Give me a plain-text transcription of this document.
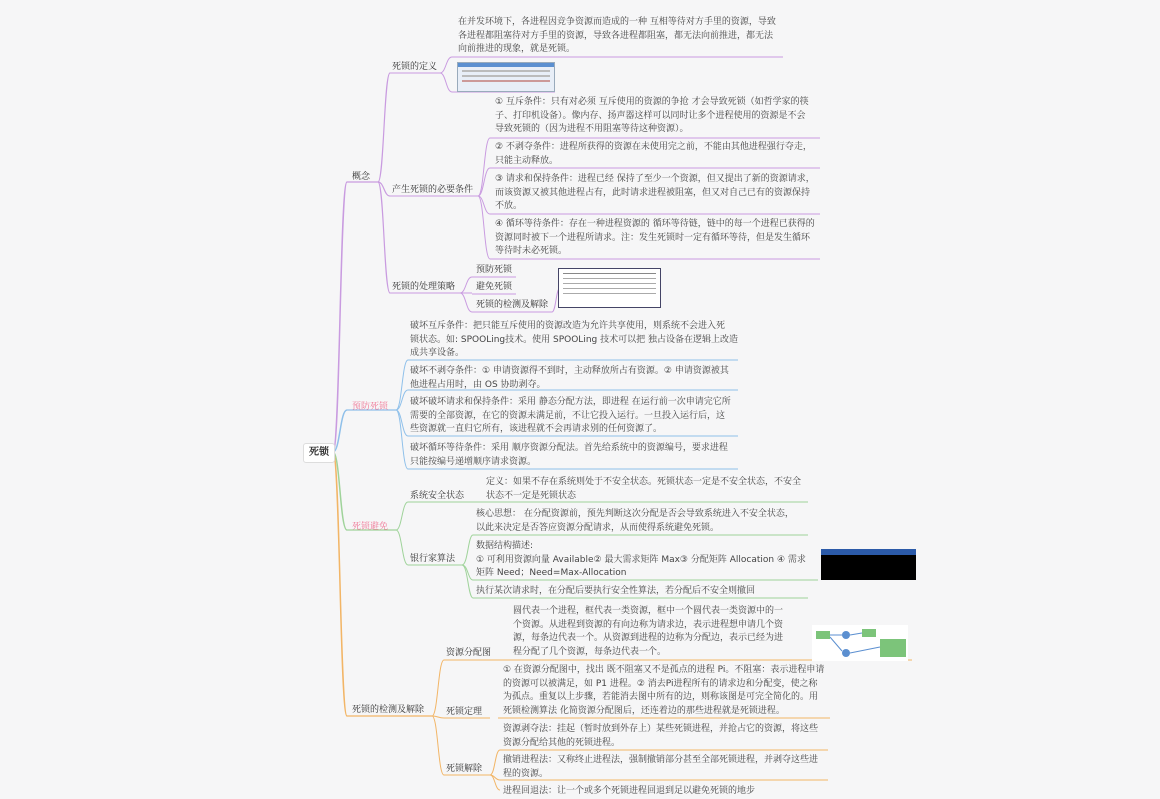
死锁
概念
预防死锁
死锁避免
死锁的检测及解除
死锁的定义
在并发环境下，各进程因竞争资源而造成的一种 互相等待对方手里的资源，导致
各进程都阻塞待对方手里的资源，导致各进程都阻塞，都无法向前推进，都无法
向前推进的现象，就是死锁。
产生死锁的必要条件
① 互斥条件：只有对必须 互斥使用的资源的争抢 才会导致死锁（如哲学家的筷
子、打印机设备）。像内存、扬声器这样可以同时让多个进程使用的资源是不会
导致死锁的（因为进程不用阻塞等待这种资源）。
② 不剥夺条件：进程所获得的资源在未使用完之前，不能由其他进程强行夺走，
只能主动释放。
③ 请求和保持条件：进程已经 保持了至少一个资源，但又提出了新的资源请求，
而该资源又被其他进程占有，此时请求进程被阻塞，但又对自己已有的资源保持
不放。
④ 循环等待条件：存在一种进程资源的 循环等待链，链中的每一个进程已获得的
资源同时被下一个进程所请求。注：发生死锁时一定有循环等待，但是发生循环
等待时未必死锁。
死锁的处理策略
预防死锁
避免死锁
死锁的检测及解除
破坏互斥条件：把只能互斥使用的资源改造为允许共享使用，则系统不会进入死
锁状态。如: SPOOLing技术。使用 SPOOLing 技术可以把 独占设备在逻辑上改造
成共享设备。
破坏不剥夺条件：① 申请资源得不到时，主动释放所占有资源。② 申请资源被其
他进程占用时，由 OS 协助剥夺。
破坏破坏请求和保持条件：采用 静态分配方法，即进程 在运行前一次申请完它所
需要的全部资源，在它的资源未满足前，不让它投入运行。一旦投入运行后，这
些资源就一直归它所有，该进程就不会再请求别的任何资源了。
破坏循环等待条件：采用 顺序资源分配法。首先给系统中的资源编号，要求进程
只能按编号递增顺序请求资源。
系统安全状态
定义：如果不存在系统则处于不安全状态。死锁状态一定是不安全状态，不安全
状态不一定是死锁状态
银行家算法
核心思想： 在分配资源前，预先判断这次分配是否会导致系统进入不安全状态，
以此来决定是否答应资源分配请求，从而使得系统避免死锁。
数据结构描述:
① 可利用资源向量 Available② 最大需求矩阵 Max③ 分配矩阵 Allocation ④ 需求
矩阵 Need；Need=Max-Allocation
执行某次请求时，在分配后要执行安全性算法，若分配后不安全则撤回
资源分配图
圆代表一个进程，框代表一类资源，框中一个圆代表一类资源中的一
个资源。从进程到资源的有向边称为请求边，表示进程想申请几个资
源，每条边代表一个。从资源到进程的边称为分配边，表示已经为进
程分配了几个资源，每条边代表一个。
死锁定理
① 在资源分配图中，找出 既不阻塞又不是孤点的进程 Pi。不阻塞：表示进程申请
的资源可以被满足，如 P1 进程。② 消去Pi进程所有的请求边和分配变，使之称
为孤点。重复以上步骤，若能消去图中所有的边，则称该图是可完全简化的。用
死锁检测算法 化简资源分配图后，还连着边的那些进程就是死锁进程。
死锁解除
资源剥夺法：挂起（暂时放到外存上）某些死锁进程，并抢占它的资源，将这些
资源分配给其他的死锁进程。
撤销进程法：又称终止进程法，强制撤销部分甚至全部死锁进程，并剥夺这些进
程的资源。
进程回退法：让一个或多个死锁进程回退到足以避免死锁的地步
